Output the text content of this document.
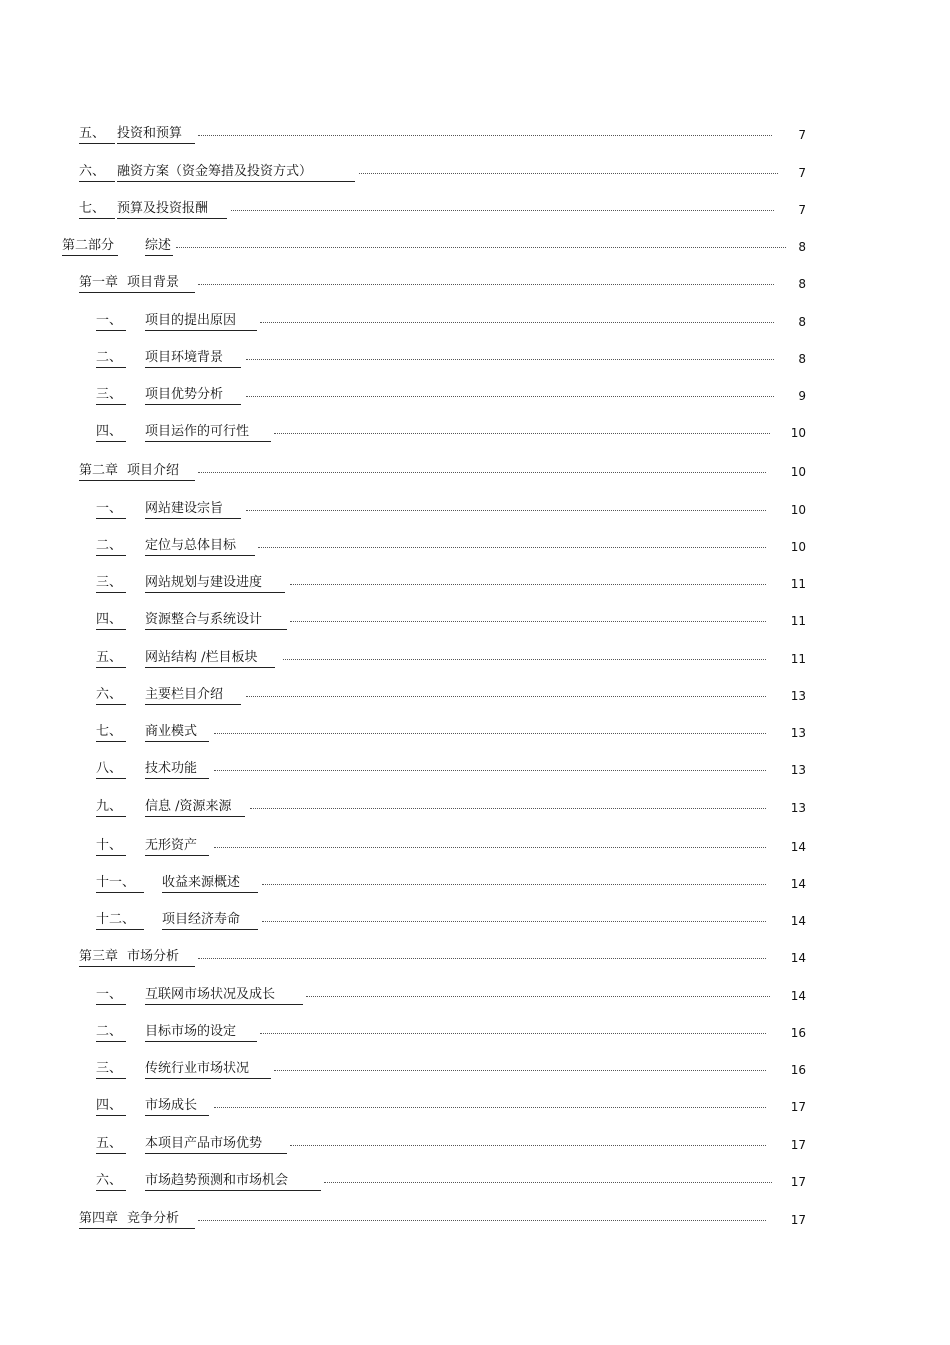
五、 投资和预算	7
六、 融资方案（资金筹措及投资方式）	7
七、 预算及投资报酬	7
第二部分	综述	8
第一章 项目背景	8
一、	项目的提出原因	8
二、	项目环境背景	8
三、	项目优势分析	9
四、	项目运作的可行性	10
第二章 项目介绍	10
一、	网站建设宗旨	10
二、	定位与总体目标	10
三、	网站规划与建设进度	11
四、	资源整合与系统设计	11
五、	网站结构 /栏目板块	11
六、	主要栏目介绍	13
七、	商业模式	13
八、	技术功能	13
九、	信息 /资源来源	13
十、	无形资产	14
十一、	收益来源概述	14
十二、	项目经济寿命	14
第三章 市场分析	14
一、	互联网市场状况及成长	14
二、	目标市场的设定	16
三、	传统行业市场状况	16
四、	市场成长	17
五、	本项目产品市场优势	17
六、	市场趋势预测和市场机会	17
第四章 竞争分析	17
